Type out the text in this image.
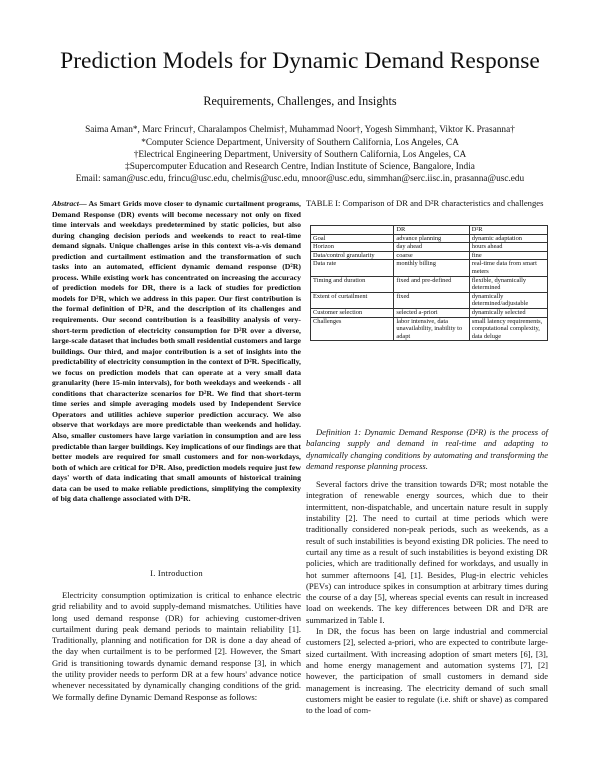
Prediction Models for Dynamic Demand Response
Requirements, Challenges, and Insights
Saima Aman*, Marc Frincu†, Charalampos Chelmis†, Muhammad Noor†, Yogesh Simmhan‡, Viktor K. Prasanna†
*Computer Science Department, University of Southern California, Los Angeles, CA
†Electrical Engineering Department, University of Southern California, Los Angeles, CA
‡Supercomputer Education and Research Centre, Indian Institute of Science, Bangalore, India
Email: saman@usc.edu, frincu@usc.edu, chelmis@usc.edu, mnoor@usc.edu, simmhan@serc.iisc.in, prasanna@usc.edu
Abstract— As Smart Grids move closer to dynamic curtailment programs, Demand Response (DR) events will become necessary not only on fixed time intervals and weekdays predetermined by static policies, but also during changing decision periods and weekends to react to real-time demand signals. Unique challenges arise in this context vis-a-vis demand prediction and curtailment estimation and the transformation of such tasks into an automated, efficient dynamic demand response (D²R) process. While existing work has concentrated on increasing the accuracy of prediction models for DR, there is a lack of studies for prediction models for D²R, which we address in this paper. Our first contribution is the formal definition of D²R, and the description of its challenges and requirements. Our second contribution is a feasibility analysis of very-short-term prediction of electricity consumption for D²R over a diverse, large-scale dataset that includes both small residential customers and large buildings. Our third, and major contribution is a set of insights into the predictability of electricity consumption in the context of D²R. Specifically, we focus on prediction models that can operate at a very small data granularity (here 15-min intervals), for both weekdays and weekends - all conditions that characterize scenarios for D²R. We find that short-term time series and simple averaging models used by Independent Service Operators and utilities achieve superior prediction accuracy. We also observe that workdays are more predictable than weekends and holiday. Also, smaller customers have large variation in consumption and are less predictable than larger buildings. Key implications of our findings are that better models are required for small customers and for non-workdays, both of which are critical for D²R. Also, prediction models require just few days' worth of data indicating that small amounts of historical training data can be used to make reliable predictions, simplifying the complexity of big data challenge associated with D²R.
I. Introduction

Electricity consumption optimization is critical to enhance electric grid reliability and to avoid supply-demand mismatches. Utilities have long used demand response (DR) for achieving customer-driven curtailment during peak demand periods to maintain reliability [1]. Traditionally, planning and notification for DR is done a day ahead of the day when curtailment is to be performed [2]. However, the Smart Grid is transitioning towards dynamic demand response [3], in which the utility provider needs to perform DR at a few hours' advance notice whenever necessitated by dynamically changing conditions of the grid. We formally define Dynamic Demand Response as follows:

TABLE I: Comparison of DR and D²R characteristics and challenges
	DR	D²R
Goal	advance planning	dynamic adaptation
Horizon	day ahead	hours ahead
Data/control granularity	coarse	fine
Data rate	monthly billing	real-time data from smart meters
Timing and duration	fixed and pre-defined	flexible, dynamically determined
Extent of curtailment	fixed	dynamically determined/adjustable
Customer selection	selected a-priori	dynamically selected
Challenges	labor intensive, data unavailability, inability to adapt	small latency requirements, computational complexity, data deluge

Definition 1: Dynamic Demand Response (D²R) is the process of balancing supply and demand in real-time and adapting to dynamically changing conditions by automating and transforming the demand response planning process.

Several factors drive the transition towards D²R; most notable the integration of renewable energy sources, which due to their intermittent, non-dispatchable, and uncertain nature result in supply instability [2]. The need to curtail at time periods which were traditionally considered non-peak periods, such as weekends, as a result of such instabilities is beyond existing DR policies. The need to curtail any time as a result of such instabilities is beyond existing DR policies, which are traditionally defined for workdays, and usually in hot summer afternoons [4], [1]. Besides, Plug-in electric vehicles (PEVs) can introduce spikes in consumption at arbitrary times during the course of a day [5], whereas special events can result in increased load on weekends. The key differences between DR and D²R are summarized in Table I.

In DR, the focus has been on large industrial and commercial customers [2], selected a-priori, who are expected to contribute large-sized curtailment. With increasing adoption of smart meters [6], [3], and home energy management and automation systems [7], [2] however, the participation of small customers in demand side management is increasing. The electricity demand of such small customers might be easier to regulate (i.e. shift or shave) as compared to the load of com-
